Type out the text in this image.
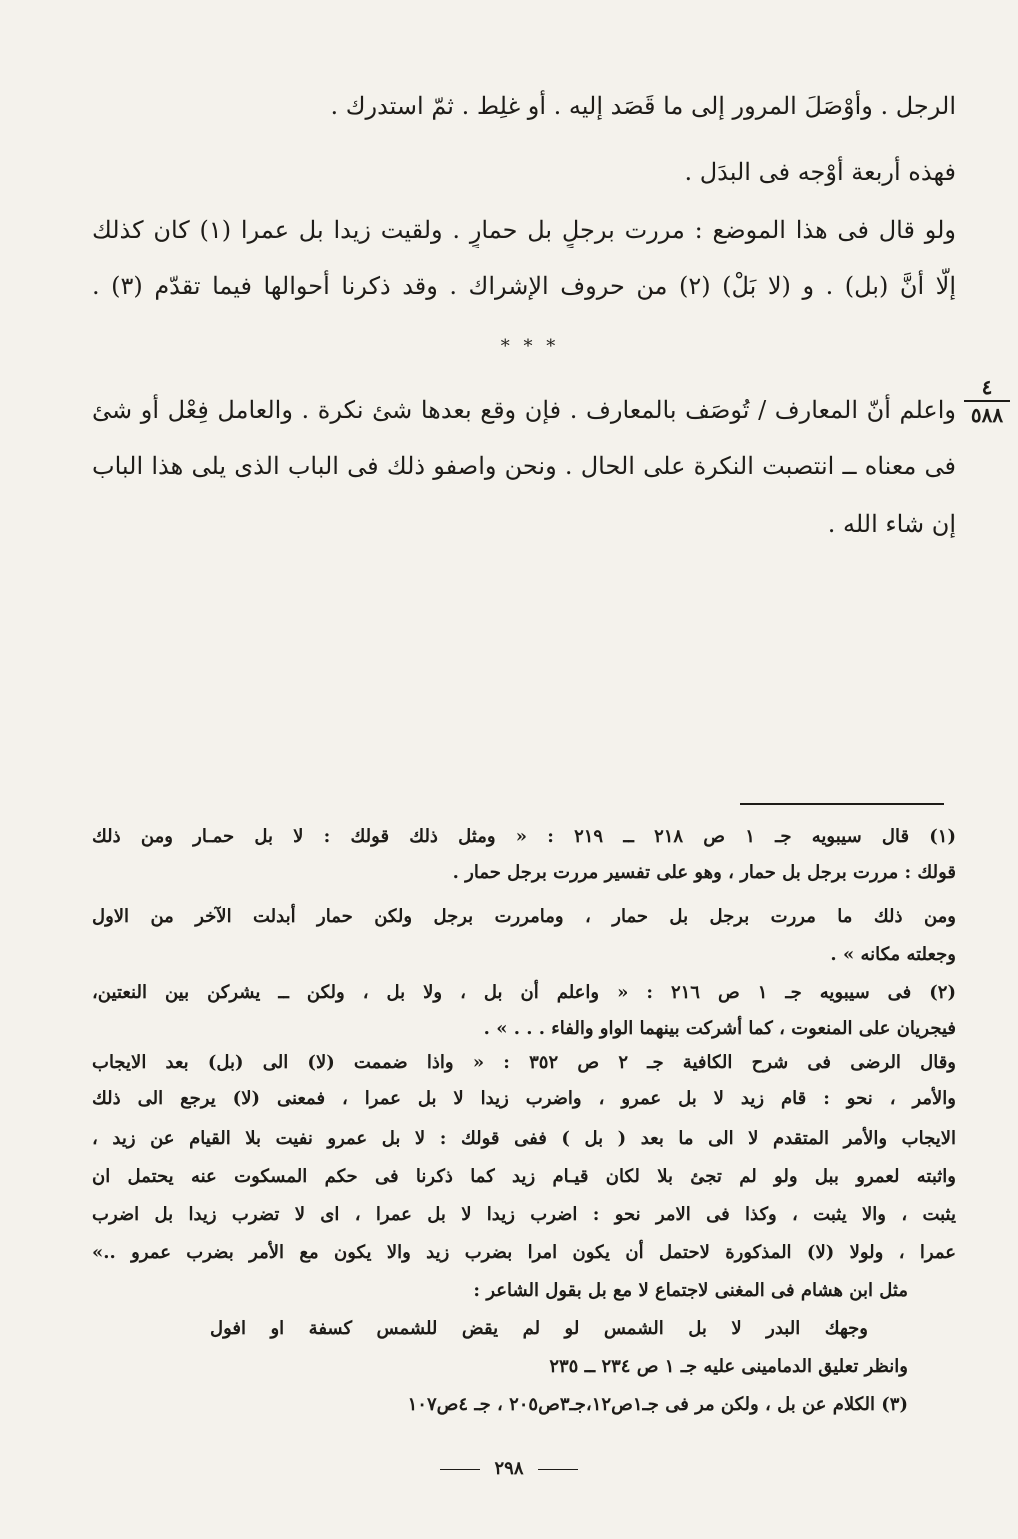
الرجل . وأوْصَلَ المرور إلى ما قَصَد إليه . أو غلِط . ثمّ استدرك .
فهذه أربعة أوْجه فى البدَل .
ولو قال فى هذا الموضع : مررت برجلٍ بل حمارٍ . ولقيت زيدا بل عمرا (١) كان كذلك
إلّا أنَّ (بل) . و (لا بَلْ) (٢) من حروف الإشراك . وقد ذكرنا أحوالها فيما تقدّم (٣) .
* * *
واعلم أنّ المعارف / تُوصَف بالمعارف . فإن وقع بعدها شئ نكرة . والعامل فِعْل أو شئ
فى معناه ــ انتصبت النكرة على الحال . ونحن واصفو ذلك فى الباب الذى يلى هذا الباب
إن شاء الله .
٤
٥٨٨
(١) قال سيبويه جـ ١ ص ٢١٨ ــ ٢١٩ : « ومثل ذلك قولك : لا بل حمـار ومن ذلك
قولك : مررت برجل بل حمار ، وهو على تفسير مررت برجل حمار .
ومن ذلك ما مررت برجل بل حمار ، ومامررت برجل ولكن حمار أبدلت الآخر من الاول
وجعلته مكانه » .
(٢) فى سيبويه جـ ١ ص ٢١٦ : « واعلم أن بل ، ولا بل ، ولكن ــ يشركن بين النعتين،
فيجريان على المنعوت ، كما أشركت بينهما الواو والفاء . . . » .
وقال الرضى فى شرح الكافية جـ ٢ ص ٣٥٢ : « واذا ضممت (لا) الى (بل) بعد الايجاب
والأمر ، نحو : قام زيد لا بل عمرو ، واضرب زيدا لا بل عمرا ، فمعنى (لا) يرجع الى ذلك
الايجاب والأمر المتقدم لا الى ما بعد ( بل ) ففى قولك : لا بل عمرو نفيت بلا القيام عن زيد ،
واثبته لعمرو ببل ولو لم تجئ بلا لكان قيـام زيد كما ذكرنا فى حكم المسكوت عنه يحتمل ان
يثبت ، والا يثبت ، وكذا فى الامر نحو : اضرب زيدا لا بل عمرا ، اى لا تضرب زيدا بل اضرب
عمرا ، ولولا (لا) المذكورة لاحتمل أن يكون امرا بضرب زيد والا يكون مع الأمر بضرب عمرو ..»
مثل ابن هشام فى المغنى لاجتماع لا مع بل بقول الشاعر :
وجهك البدر لا بل الشمس لو لم يقض للشمس كسفة او افول
وانظر تعليق الدمامينى عليه جـ ١ ص ٢٣٤ ــ ٢٣٥
(٣) الكلام عن بل ، ولكن مر فى جـ١ص١٢،جـ٣ص٢٠٥ ، جـ ٤ص١٠٧
٢٩٨
